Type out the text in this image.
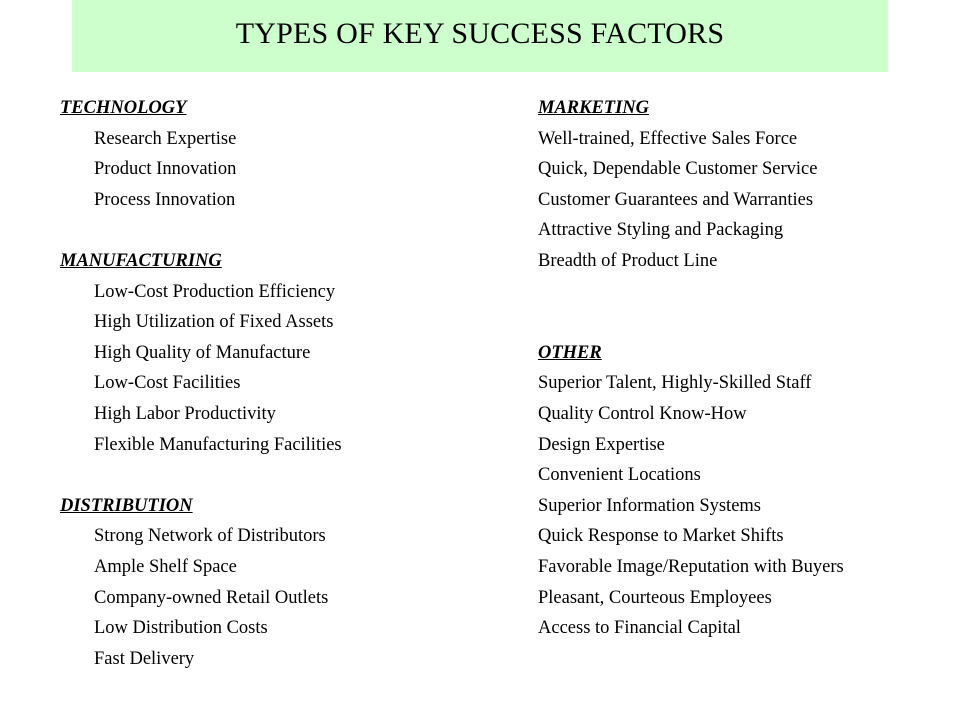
TYPES OF KEY SUCCESS FACTORS
TECHNOLOGY
Research Expertise
Product Innovation
Process Innovation
MANUFACTURING
Low-Cost Production Efficiency
High Utilization of Fixed Assets
High Quality of Manufacture
Low-Cost Facilities
High Labor Productivity
Flexible Manufacturing Facilities
DISTRIBUTION
Strong Network of Distributors
Ample Shelf Space
Company-owned Retail Outlets
Low Distribution Costs
Fast Delivery
MARKETING
Well-trained, Effective Sales Force
Quick, Dependable Customer Service
Customer Guarantees and Warranties
Attractive Styling and Packaging
Breadth of Product Line
OTHER
Superior Talent, Highly-Skilled Staff
Quality Control Know-How
Design Expertise
Convenient Locations
Superior Information Systems
Quick Response to Market Shifts
Favorable Image/Reputation with Buyers
Pleasant, Courteous Employees
Access to Financial Capital
